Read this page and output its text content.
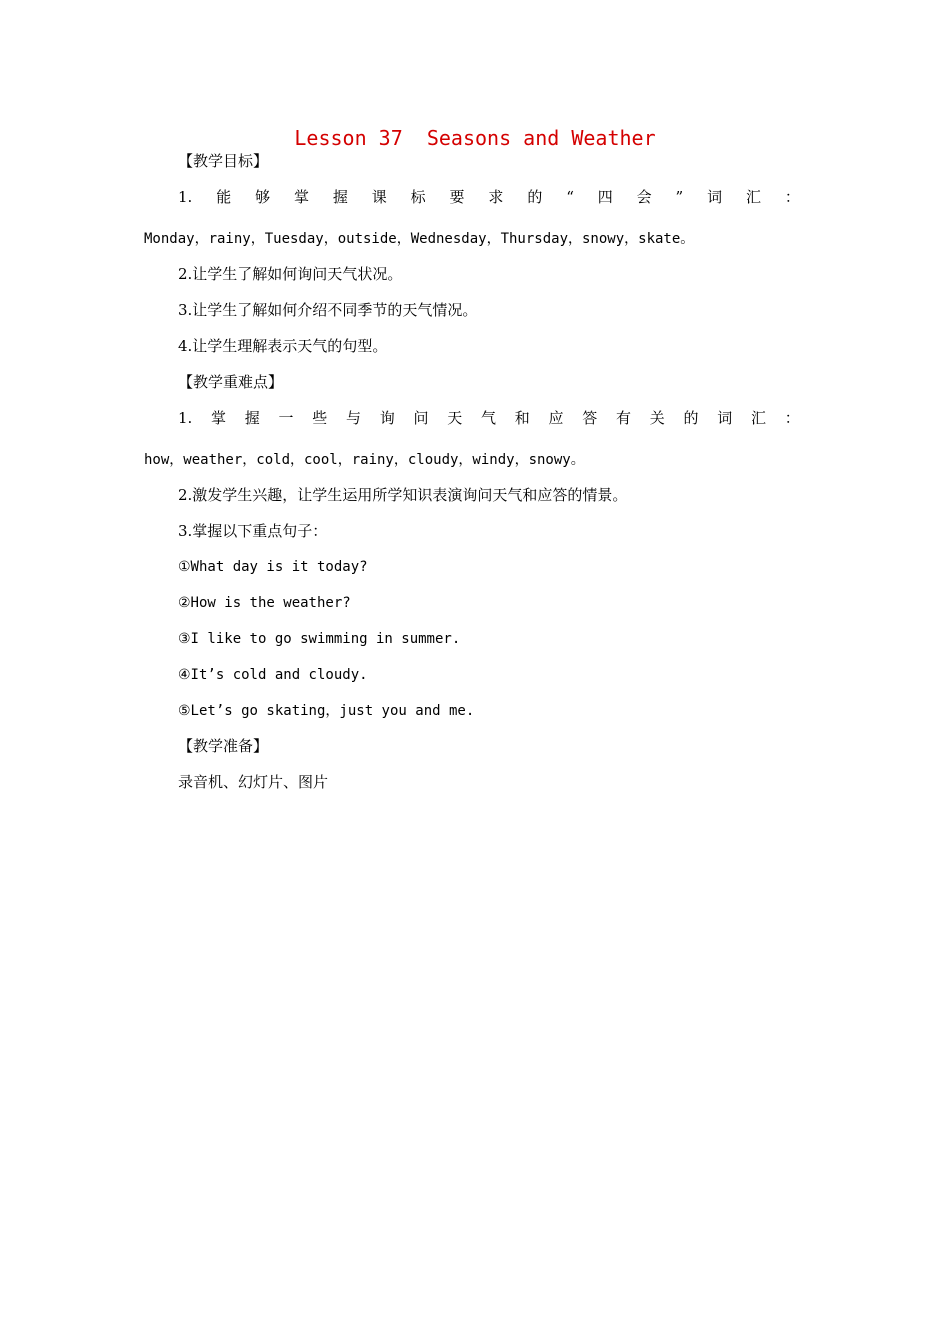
Lesson 37  Seasons and Weather
【教学目标】
1. 能 够 掌 握 课 标 要 求 的 “ 四 会 ” 词 汇 ：
Monday，rainy，Tuesday，outside，Wednesday，Thursday，snowy，skate。
2.让学生了解如何询问天气状况。
3.让学生了解如何介绍不同季节的天气情况。
4.让学生理解表示天气的句型。
【教学重难点】
1. 掌 握 一 些 与 询 问 天 气 和 应 答 有 关 的 词 汇 ：
how，weather，cold，cool，rainy，cloudy，windy，snowy。
2.激发学生兴趣，让学生运用所学知识表演询问天气和应答的情景。
3.掌握以下重点句子：
①What day is it today?
②How is the weather?
③I like to go swimming in summer.
④It’s cold and cloudy.
⑤Let’s go skating，just you and me.
【教学准备】
录音机、幻灯片、图片
